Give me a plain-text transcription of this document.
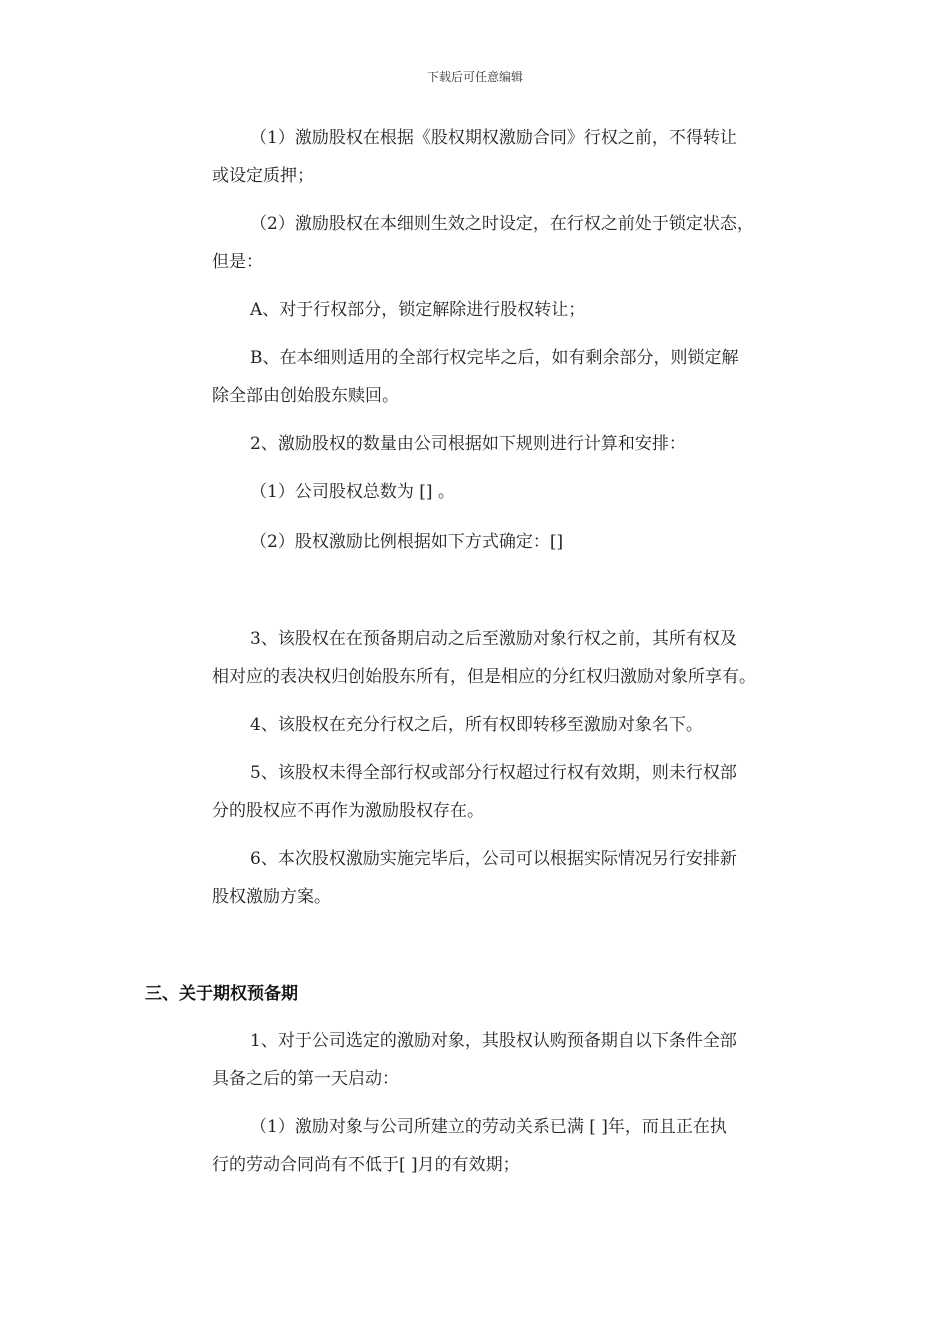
下载后可任意编辑
（1）激励股权在根据《股权期权激励合同》行权之前，不得转让
或设定质押；
（2）激励股权在本细则生效之时设定，在行权之前处于锁定状态，
但是：
A、对于行权部分，锁定解除进行股权转让；
B、在本细则适用的全部行权完毕之后，如有剩余部分，则锁定解
除全部由创始股东赎回。
2、激励股权的数量由公司根据如下规则进行计算和安排：
（1）公司股权总数为 [] 。
（2）股权激励比例根据如下方式确定：[]
3、该股权在在预备期启动之后至激励对象行权之前，其所有权及
相对应的表决权归创始股东所有，但是相应的分红权归激励对象所享有。
4、该股权在充分行权之后，所有权即转移至激励对象名下。
5、该股权未得全部行权或部分行权超过行权有效期，则未行权部
分的股权应不再作为激励股权存在。
6、本次股权激励实施完毕后，公司可以根据实际情况另行安排新
股权激励方案。
三、关于期权预备期
1、对于公司选定的激励对象，其股权认购预备期自以下条件全部
具备之后的第一天启动：
（1）激励对象与公司所建立的劳动关系已满 [ ]年，而且正在执
行的劳动合同尚有不低于[ ]月的有效期；
